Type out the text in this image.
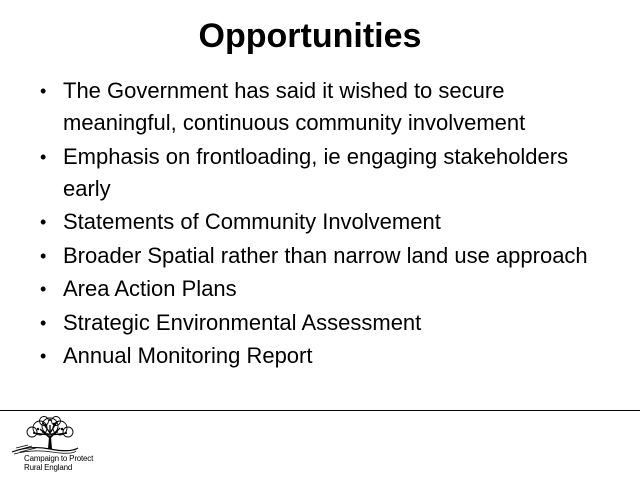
Opportunities
• The Government has said it wished to secure meaningful, continuous community involvement
• Emphasis on frontloading, ie engaging stakeholders early
• Statements of Community Involvement
• Broader Spatial rather than narrow land use approach
• Area Action Plans
• Strategic Environmental Assessment
• Annual Monitoring Report
Campaign to Protect
Rural England
